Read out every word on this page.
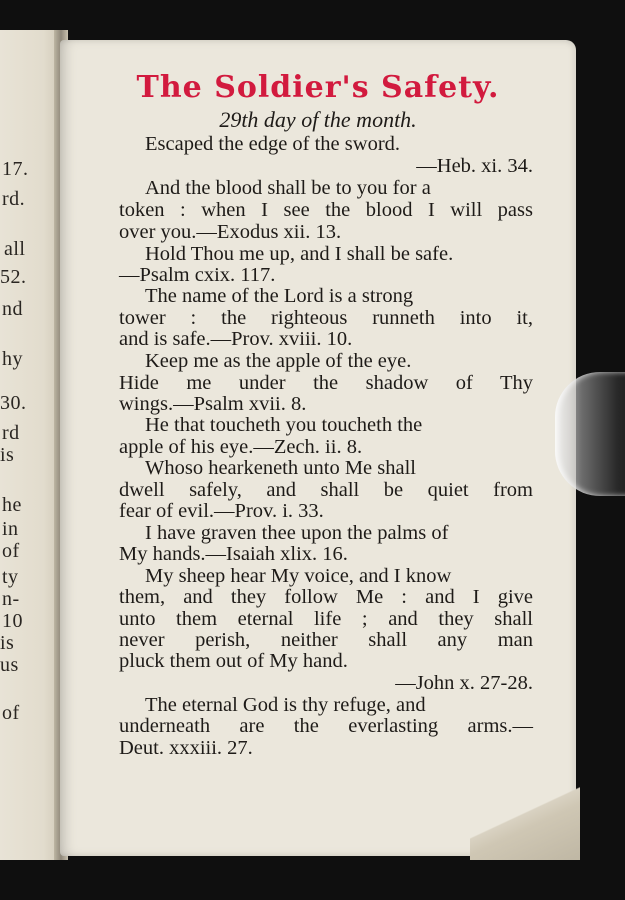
17.
rd.
all
52.
nd
hy
30.
rd
is
he
in
of
ty
n-
10
is
us
of
The Soldier's Safety.
29th day of the month.
Escaped the edge of the sword.
—Heb. xi. 34.
And the blood shall be to you for a
token : when I see the blood I will pass
over you.—Exodus xii. 13.
Hold Thou me up, and I shall be safe.
—Psalm cxix. 117.
The name of the Lord is a strong
tower : the righteous runneth into it,
and is safe.—Prov. xviii. 10.
Keep me as the apple of the eye.
Hide me under the shadow of Thy
wings.—Psalm xvii. 8.
He that toucheth you toucheth the
apple of his eye.—Zech. ii. 8.
Whoso hearkeneth unto Me shall
dwell safely, and shall be quiet from
fear of evil.—Prov. i. 33.
I have graven thee upon the palms of
My hands.—Isaiah xlix. 16.
My sheep hear My voice, and I know
them, and they follow Me : and I give
unto them eternal life ; and they shall
never perish, neither shall any man
pluck them out of My hand.
—John x. 27-28.
The eternal God is thy refuge, and
underneath are the everlasting arms.—
Deut. xxxiii. 27.
